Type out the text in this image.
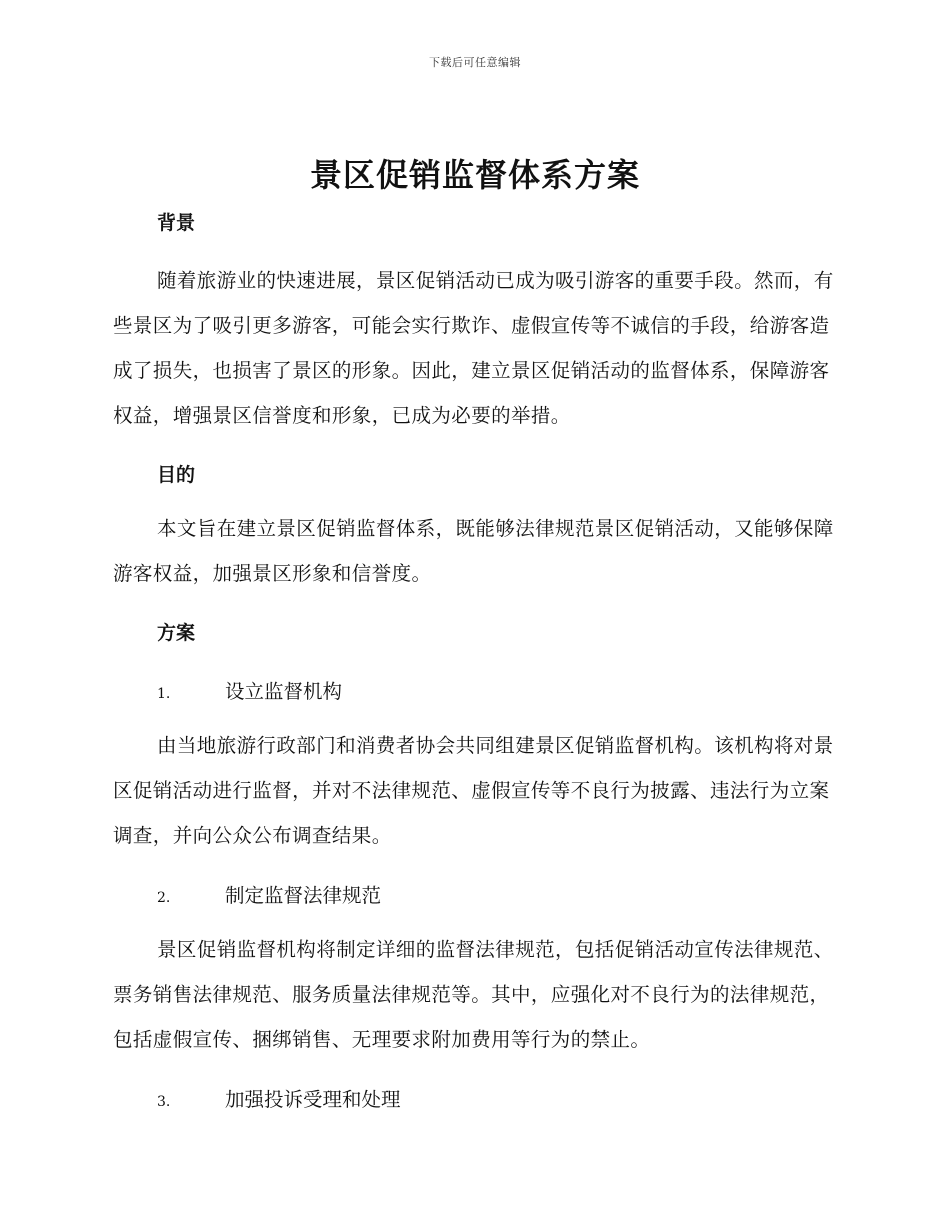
下载后可任意编辑
景区促销监督体系方案
背景

随着旅游业的快速进展，景区促销活动已成为吸引游客的重要手段。然而，有些景区为了吸引更多游客，可能会实行欺诈、虚假宣传等不诚信的手段，给游客造成了损失，也损害了景区的形象。因此，建立景区促销活动的监督体系，保障游客权益，增强景区信誉度和形象，已成为必要的举措。

目的

本文旨在建立景区促销监督体系，既能够法律规范景区促销活动，又能够保障游客权益，加强景区形象和信誉度。

方案
1.	设立监督机构

由当地旅游行政部门和消费者协会共同组建景区促销监督机构。该机构将对景区促销活动进行监督，并对不法律规范、虚假宣传等不良行为披露、违法行为立案调查，并向公众公布调查结果。

2.	制定监督法律规范

景区促销监督机构将制定详细的监督法律规范，包括促销活动宣传法律规范、票务销售法律规范、服务质量法律规范等。其中，应强化对不良行为的法律规范，包括虚假宣传、捆绑销售、无理要求附加费用等行为的禁止。

3.	加强投诉受理和处理
